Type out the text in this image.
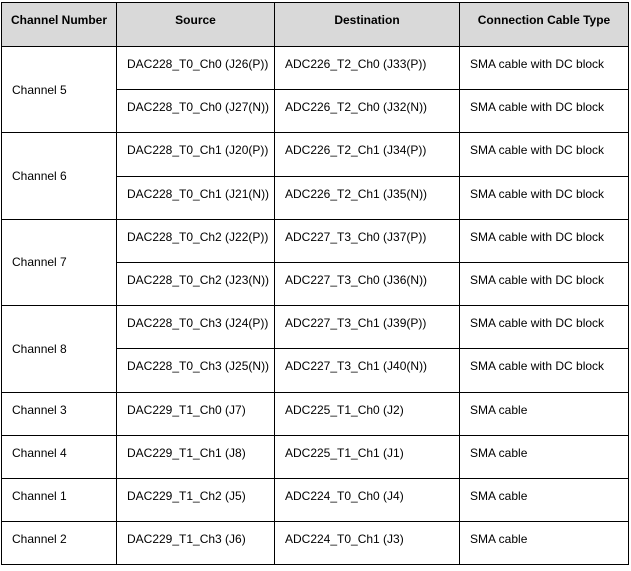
Channel Number	Source	Destination	Connection Cable Type
Channel 5	DAC228_T0_Ch0 (J26(P))	ADC226_T2_Ch0 (J33(P))	SMA cable with DC block
	DAC228_T0_Ch0 (J27(N))	ADC226_T2_Ch0 (J32(N))	SMA cable with DC block
Channel 6	DAC228_T0_Ch1 (J20(P))	ADC226_T2_Ch1 (J34(P))	SMA cable with DC block
	DAC228_T0_Ch1 (J21(N))	ADC226_T2_Ch1 (J35(N))	SMA cable with DC block
Channel 7	DAC228_T0_Ch2 (J22(P))	ADC227_T3_Ch0 (J37(P))	SMA cable with DC block
	DAC228_T0_Ch2 (J23(N))	ADC227_T3_Ch0 (J36(N))	SMA cable with DC block
Channel 8	DAC228_T0_Ch3 (J24(P))	ADC227_T3_Ch1 (J39(P))	SMA cable with DC block
	DAC228_T0_Ch3 (J25(N))	ADC227_T3_Ch1 (J40(N))	SMA cable with DC block
Channel 3	DAC229_T1_Ch0 (J7)	ADC225_T1_Ch0 (J2)	SMA cable
Channel 4	DAC229_T1_Ch1 (J8)	ADC225_T1_Ch1 (J1)	SMA cable
Channel 1	DAC229_T1_Ch2 (J5)	ADC224_T0_Ch0 (J4)	SMA cable
Channel 2	DAC229_T1_Ch3 (J6)	ADC224_T0_Ch1 (J3)	SMA cable
